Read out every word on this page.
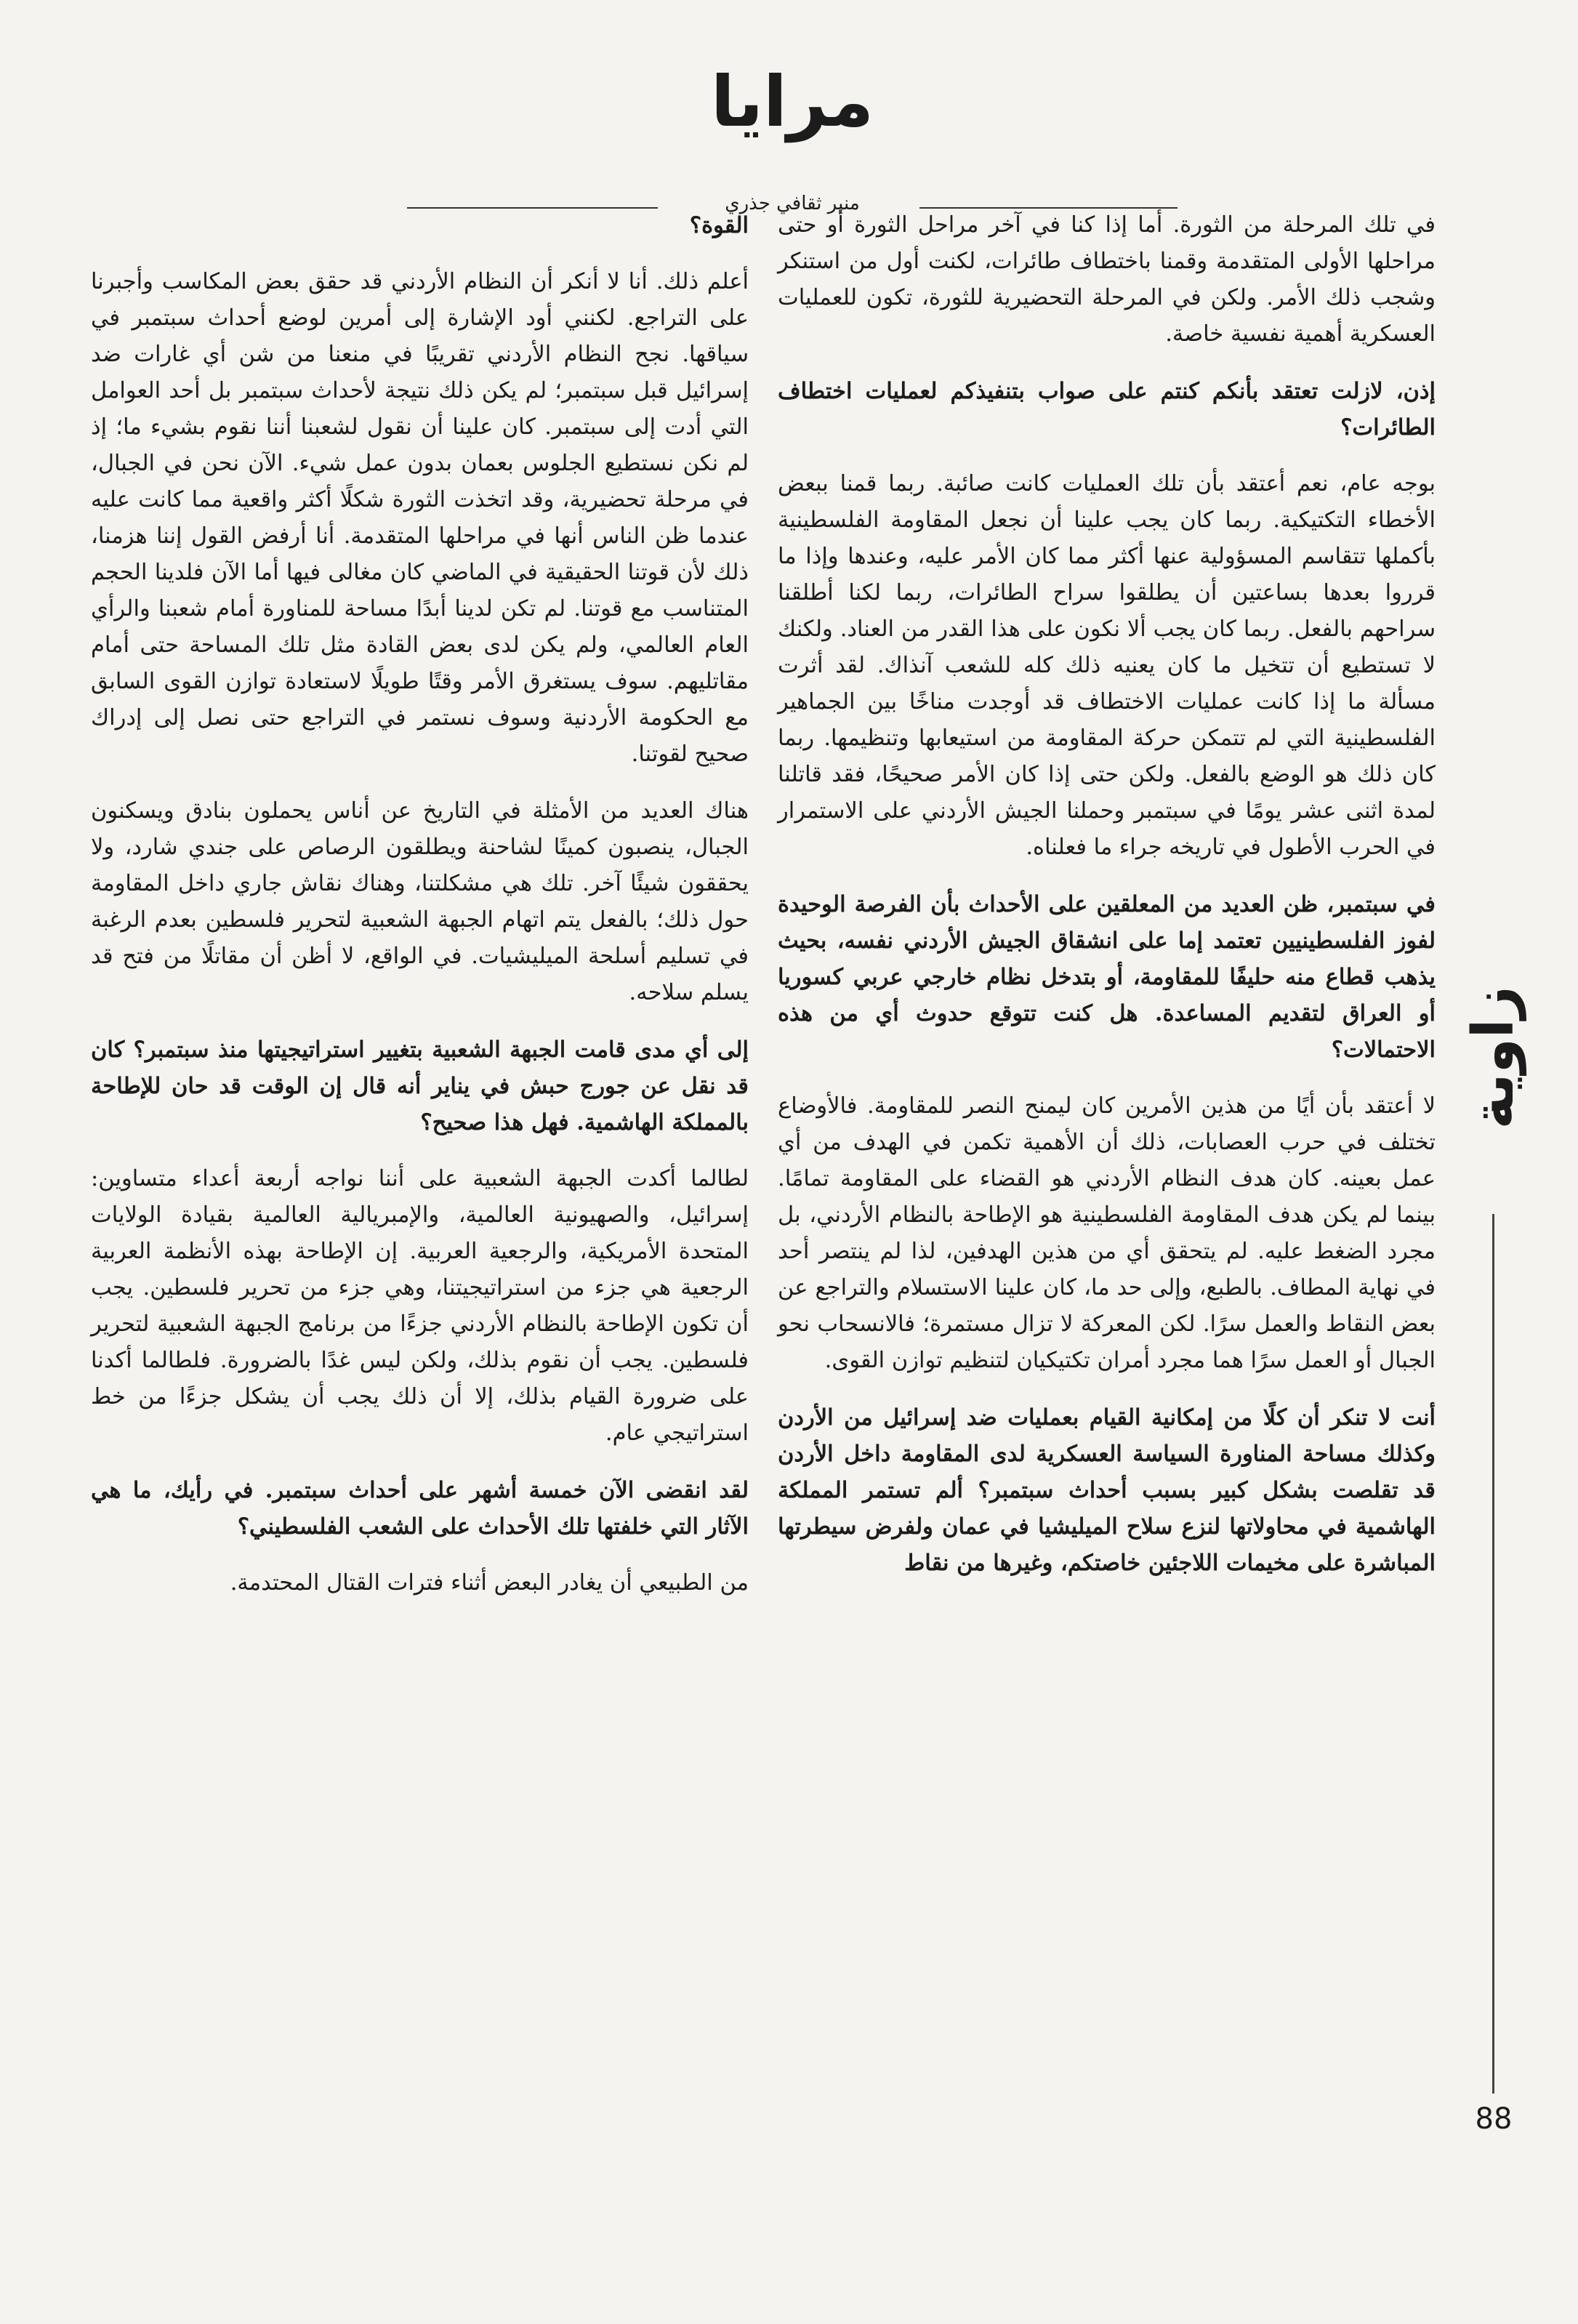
مرايا
منبر ثقافي جذري

في تلك المرحلة من الثورة. أما إذا كنا في آخر مراحل الثورة أو حتى مراحلها الأولى المتقدمة وقمنا باختطاف طائرات، لكنت أول من استنكر وشجب ذلك الأمر. ولكن في المرحلة التحضيرية للثورة، تكون للعمليات العسكرية أهمية نفسية خاصة.

إذن، لازلت تعتقد بأنكم كنتم على صواب بتنفيذكم لعمليات اختطاف الطائرات؟

بوجه عام، نعم أعتقد بأن تلك العمليات كانت صائبة. ربما قمنا ببعض الأخطاء التكتيكية. ربما كان يجب علينا أن نجعل المقاومة الفلسطينية بأكملها تتقاسم المسؤولية عنها أكثر مما كان الأمر عليه، وعندها وإذا ما قرروا بعدها بساعتين أن يطلقوا سراح الطائرات، ربما لكنا أطلقنا سراحهم بالفعل. ربما كان يجب ألا نكون على هذا القدر من العناد. ولكنك لا تستطيع أن تتخيل ما كان يعنيه ذلك كله للشعب آنذاك. لقد أثرت مسألة ما إذا كانت عمليات الاختطاف قد أوجدت مناخًا بين الجماهير الفلسطينية التي لم تتمكن حركة المقاومة من استيعابها وتنظيمها. ربما كان ذلك هو الوضع بالفعل. ولكن حتى إذا كان الأمر صحيحًا، فقد قاتلنا لمدة اثنى عشر يومًا في سبتمبر وحملنا الجيش الأردني على الاستمرار في الحرب الأطول في تاريخه جراء ما فعلناه.

في سبتمبر، ظن العديد من المعلقين على الأحداث بأن الفرصة الوحيدة لفوز الفلسطينيين تعتمد إما على انشقاق الجيش الأردني نفسه، بحيث يذهب قطاع منه حليفًا للمقاومة، أو بتدخل نظام خارجي عربي كسوريا أو العراق لتقديم المساعدة. هل كنت تتوقع حدوث أي من هذه الاحتمالات؟

لا أعتقد بأن أيًا من هذين الأمرين كان ليمنح النصر للمقاومة. فالأوضاع تختلف في حرب العصابات، ذلك أن الأهمية تكمن في الهدف من أي عمل بعينه. كان هدف النظام الأردني هو القضاء على المقاومة تمامًا. بينما لم يكن هدف المقاومة الفلسطينية هو الإطاحة بالنظام الأردني، بل مجرد الضغط عليه. لم يتحقق أي من هذين الهدفين، لذا لم ينتصر أحد في نهاية المطاف. بالطبع، وإلى حد ما، كان علينا الاستسلام والتراجع عن بعض النقاط والعمل سرًا. لكن المعركة لا تزال مستمرة؛ فالانسحاب نحو الجبال أو العمل سرًا هما مجرد أمران تكتيكيان لتنظيم توازن القوى.

أنت لا تنكر أن كلًا من إمكانية القيام بعمليات ضد إسرائيل من الأردن وكذلك مساحة المناورة السياسة العسكرية لدى المقاومة داخل الأردن قد تقلصت بشكل كبير بسبب أحداث سبتمبر؟ ألم تستمر المملكة الهاشمية في محاولاتها لنزع سلاح الميليشيا في عمان ولفرض سيطرتها المباشرة على مخيمات اللاجئين خاصتكم، وغيرها من نقاط

القوة؟

أعلم ذلك. أنا لا أنكر أن النظام الأردني قد حقق بعض المكاسب وأجبرنا على التراجع. لكنني أود الإشارة إلى أمرين لوضع أحداث سبتمبر في سياقها. نجح النظام الأردني تقريبًا في منعنا من شن أي غارات ضد إسرائيل قبل سبتمبر؛ لم يكن ذلك نتيجة لأحداث سبتمبر بل أحد العوامل التي أدت إلى سبتمبر. كان علينا أن نقول لشعبنا أننا نقوم بشيء ما؛ إذ لم نكن نستطيع الجلوس بعمان بدون عمل شيء. الآن نحن في الجبال، في مرحلة تحضيرية، وقد اتخذت الثورة شكلًا أكثر واقعية مما كانت عليه عندما ظن الناس أنها في مراحلها المتقدمة. أنا أرفض القول إننا هزمنا، ذلك لأن قوتنا الحقيقية في الماضي كان مغالى فيها أما الآن فلدينا الحجم المتناسب مع قوتنا. لم تكن لدينا أبدًا مساحة للمناورة أمام شعبنا والرأي العام العالمي، ولم يكن لدى بعض القادة مثل تلك المساحة حتى أمام مقاتليهم. سوف يستغرق الأمر وقتًا طويلًا لاستعادة توازن القوى السابق مع الحكومة الأردنية وسوف نستمر في التراجع حتى نصل إلى إدراك صحيح لقوتنا.

هناك العديد من الأمثلة في التاريخ عن أناس يحملون بنادق ويسكنون الجبال، ينصبون كمينًا لشاحنة ويطلقون الرصاص على جندي شارد، ولا يحققون شيئًا آخر. تلك هي مشكلتنا، وهناك نقاش جاري داخل المقاومة حول ذلك؛ بالفعل يتم اتهام الجبهة الشعبية لتحرير فلسطين بعدم الرغبة في تسليم أسلحة الميليشيات. في الواقع، لا أظن أن مقاتلًا من فتح قد يسلم سلاحه.

إلى أي مدى قامت الجبهة الشعبية بتغيير استراتيجيتها منذ سبتمبر؟ كان قد نقل عن جورج حبش في يناير أنه قال إن الوقت قد حان للإطاحة بالمملكة الهاشمية. فهل هذا صحيح؟

لطالما أكدت الجبهة الشعبية على أننا نواجه أربعة أعداء متساوين: إسرائيل، والصهيونية العالمية، والإمبريالية العالمية بقيادة الولايات المتحدة الأمريكية، والرجعية العربية. إن الإطاحة بهذه الأنظمة العربية الرجعية هي جزء من استراتيجيتنا، وهي جزء من تحرير فلسطين. يجب أن تكون الإطاحة بالنظام الأردني جزءًا من برنامج الجبهة الشعبية لتحرير فلسطين. يجب أن نقوم بذلك، ولكن ليس غدًا بالضرورة. فلطالما أكدنا على ضرورة القيام بذلك، إلا أن ذلك يجب أن يشكل جزءًا من خط استراتيجي عام.

لقد انقضى الآن خمسة أشهر على أحداث سبتمبر. في رأيك، ما هي الآثار التي خلفتها تلك الأحداث على الشعب الفلسطيني؟

من الطبيعي أن يغادر البعض أثناء فترات القتال المحتدمة.

زاوية
88
